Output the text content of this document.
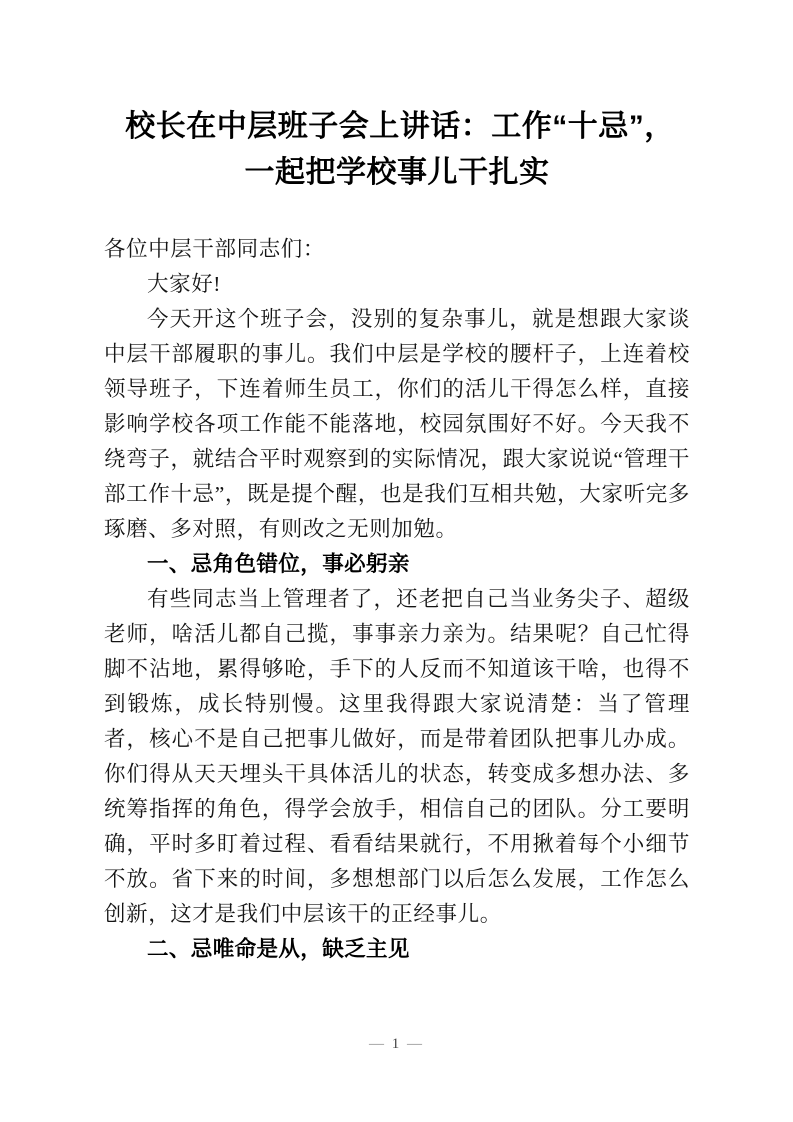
校长在中层班子会上讲话：工作“十忌”，
一起把学校事儿干扎实

各位中层干部同志们：

大家好!

今天开这个班子会，没别的复杂事儿，就是想跟大家谈中层干部履职的事儿。我们中层是学校的腰杆子，上连着校领导班子，下连着师生员工，你们的活儿干得怎么样，直接影响学校各项工作能不能落地，校园氛围好不好。今天我不绕弯子，就结合平时观察到的实际情况，跟大家说说“管理干部工作十忌”，既是提个醒，也是我们互相共勉，大家听完多琢磨、多对照，有则改之无则加勉。

一、忌角色错位，事必躬亲

有些同志当上管理者了，还老把自己当业务尖子、超级老师，啥活儿都自己揽，事事亲力亲为。结果呢？自己忙得脚不沾地，累得够呛，手下的人反而不知道该干啥，也得不到锻炼，成长特别慢。这里我得跟大家说清楚：当了管理者，核心不是自己把事儿做好，而是带着团队把事儿办成。你们得从天天埋头干具体活儿的状态，转变成多想办法、多统筹指挥的角色，得学会放手，相信自己的团队。分工要明确，平时多盯着过程、看看结果就行，不用揪着每个小细节不放。省下来的时间，多想想部门以后怎么发展，工作怎么创新，这才是我们中层该干的正经事儿。

二、忌唯命是从，缺乏主见
— 1 —
